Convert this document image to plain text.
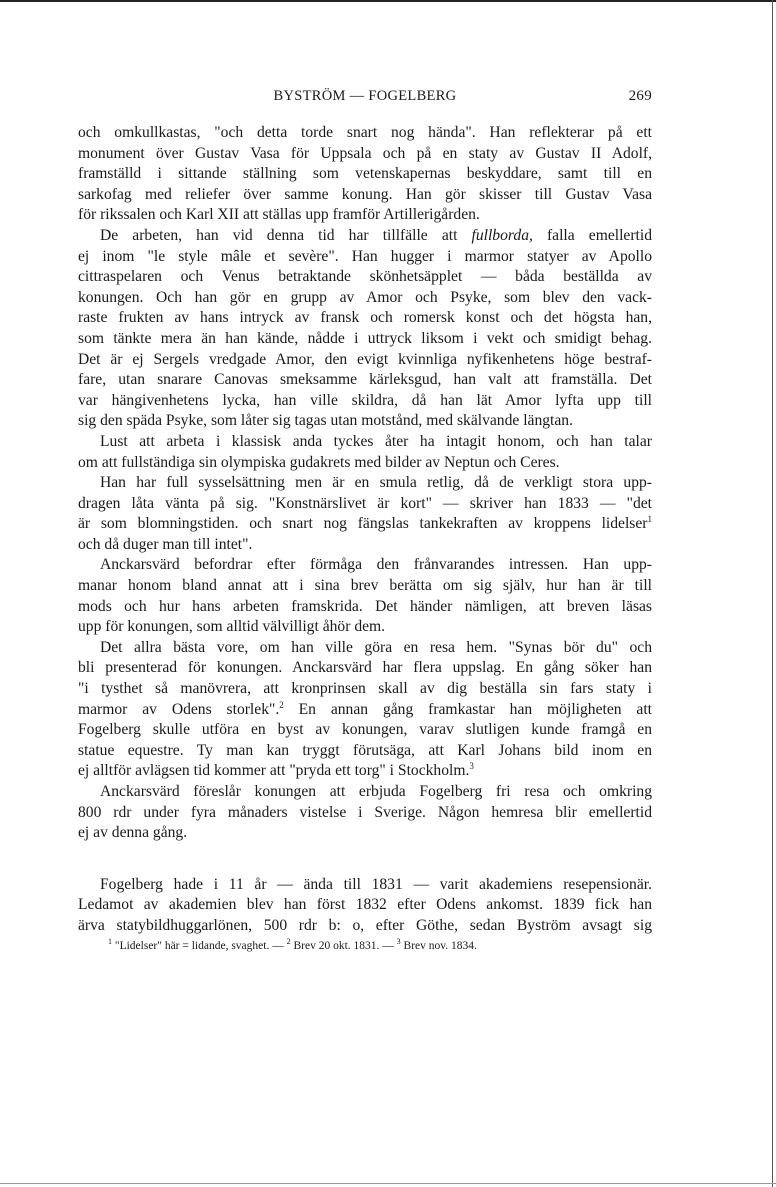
BYSTRÖM — FOGELBERG	269
och omkullkastas, "och detta torde snart nog hända". Han reflekterar på ett
monument över Gustav Vasa för Uppsala och på en staty av Gustav II Adolf,
framställd i sittande ställning som vetenskapernas beskyddare, samt till en
sarkofag med reliefer över samme konung. Han gör skisser till Gustav Vasa
för rikssalen och Karl XII att ställas upp framför Artillerigården.
De arbeten, han vid denna tid har tillfälle att fullborda, falla emellertid
ej inom "le style mâle et sevère". Han hugger i marmor statyer av Apollo
cittraspelaren och Venus betraktande skönhetsäpplet — båda beställda av
konungen. Och han gör en grupp av Amor och Psyke, som blev den vack-
raste frukten av hans intryck av fransk och romersk konst och det högsta han,
som tänkte mera än han kände, nådde i uttryck liksom i vekt och smidigt behag.
Det är ej Sergels vredgade Amor, den evigt kvinnliga nyfikenhetens höge bestraf-
fare, utan snarare Canovas smeksamme kärleksgud, han valt att framställa. Det
var hängivenhetens lycka, han ville skildra, då han lät Amor lyfta upp till
sig den späda Psyke, som låter sig tagas utan motstånd, med skälvande längtan.
Lust att arbeta i klassisk anda tyckes åter ha intagit honom, och han talar
om att fullständiga sin olympiska gudakrets med bilder av Neptun och Ceres.
Han har full sysselsättning men är en smula retlig, då de verkligt stora upp-
dragen låta vänta på sig. "Konstnärslivet är kort" — skriver han 1833 — "det
är som blomningstiden. och snart nog fängslas tankekraften av kroppens lidelser$^1$
och då duger man till intet".
Anckarsvärd befordrar efter förmåga den frånvarandes intressen. Han upp-
manar honom bland annat att i sina brev berätta om sig själv, hur han är till
mods och hur hans arbeten framskrida. Det händer nämligen, att breven läsas
upp för konungen, som alltid välvilligt åhör dem.
Det allra bästa vore, om han ville göra en resa hem. "Synas bör du" och
bli presenterad för konungen. Anckarsvärd har flera uppslag. En gång söker han
"i tysthet så manövrera, att kronprinsen skall av dig beställa sin fars staty i
marmor av Odens storlek".$^2$ En annan gång framkastar han möjligheten att
Fogelberg skulle utföra en byst av konungen, varav slutligen kunde framgå en
statue equestre. Ty man kan tryggt förutsäga, att Karl Johans bild inom en
ej alltför avlägsen tid kommer att "pryda ett torg" i Stockholm.$^3$
Anckarsvärd föreslår konungen att erbjuda Fogelberg fri resa och omkring
800 rdr under fyra månaders vistelse i Sverige. Någon hemresa blir emellertid
ej av denna gång.
Fogelberg hade i 11 år — ända till 1831 — varit akademiens resepensionär.
Ledamot av akademien blev han först 1832 efter Odens ankomst. 1839 fick han
ärva statybildhuggarlönen, 500 rdr b: o, efter Göthe, sedan Byström avsagt sig
$^1$ "Lidelser" här = lidande, svaghet. — $^2$ Brev 20 okt. 1831. — $^3$ Brev nov. 1834.
